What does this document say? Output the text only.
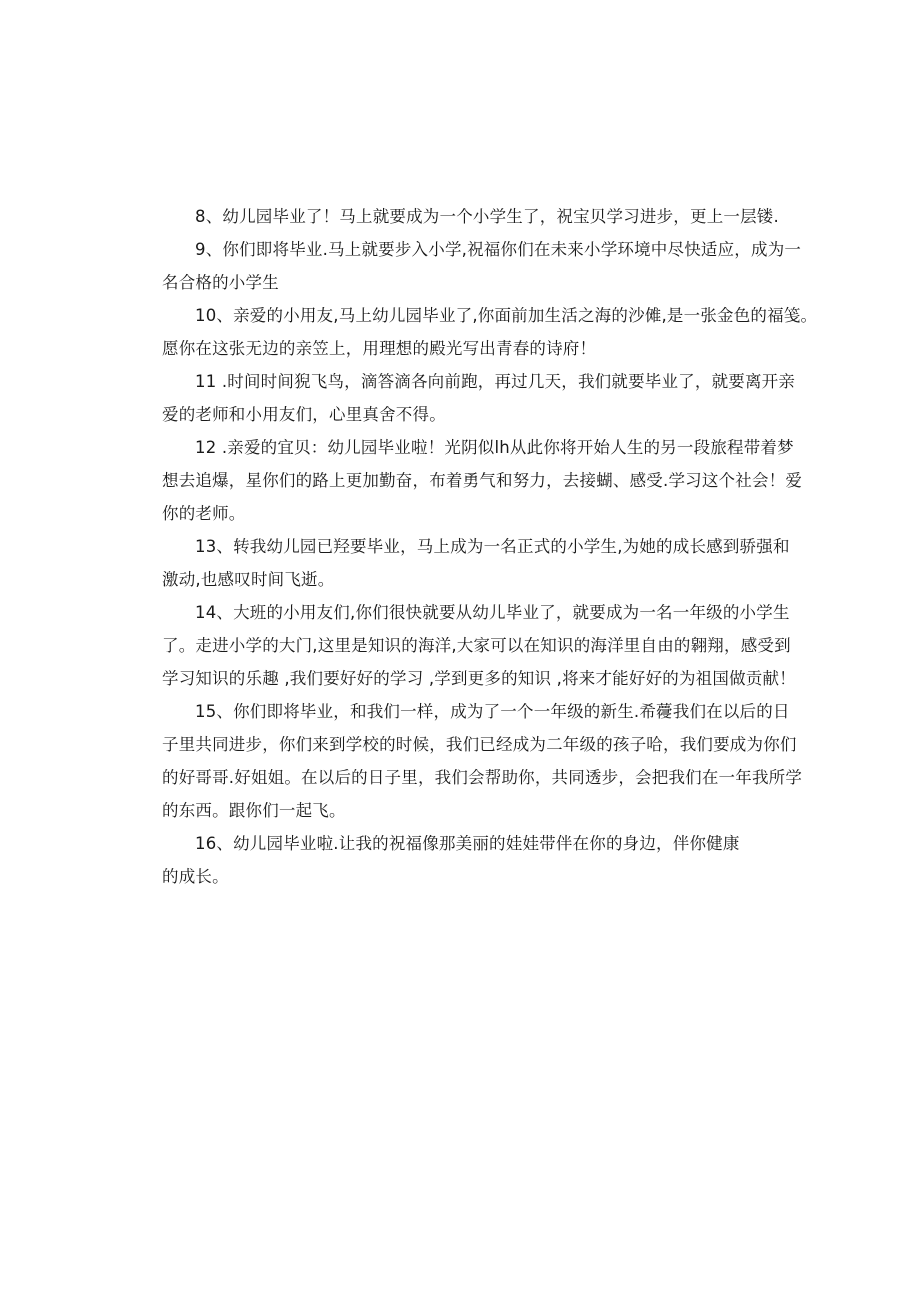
8、幼儿园毕业了！马上就要成为一个小学生了，祝宝贝学习进步，更上一层镂.
9、你们即将毕业.马上就要步入小学,祝福你们在未来小学环境中尽快适应，成为一
名合格的小学生
10、亲爱的小用友,马上幼儿园毕业了,你面前加生活之海的沙傩,是一张金色的福笺。
愿你在这张无边的亲笠上，用理想的殿光写出青春的诗府！
11 .时间时间猊飞鸟，滴答滴各向前跑，再过几天，我们就要毕业了，就要离开亲
爱的老师和小用友们，心里真舍不得。
12 .亲爱的宜贝：幼儿园毕业啦！光阴似lh从此你将开始人生的另一段旅程带着梦
想去追爆，星你们的路上更加勤奋，布着勇气和努力，去接蝴、感受.学习这个社会！爱
你的老师。
13、转我幼儿园已羟要毕业，马上成为一名正式的小学生,为她的成长感到骄强和
激动,也感叹时间飞逝。
14、大班的小用友们,你们很快就要从幼儿毕业了，就要成为一名一年级的小学生
了。走进小学的大门,这里是知识的海洋,大家可以在知识的海洋里自由的翱翔，感受到
学习知识的乐趣 ,我们要好好的学习 ,学到更多的知识 ,将来才能好好的为祖国做贡献！
15、你们即将毕业，和我们一样，成为了一个一年级的新生.希蘉我们在以后的日
子里共同进步，你们来到学校的时候，我们已经成为二年级的孩子哈，我们要成为你们
的好哥哥.好姐姐。在以后的日子里，我们会帮助你，共同透步，会把我们在一年我所学
的东西。跟你们一起飞。
16、幼儿园毕业啦.让我的祝福像那美丽的娃娃带伴在你的身边，伴你健康
的成长。
